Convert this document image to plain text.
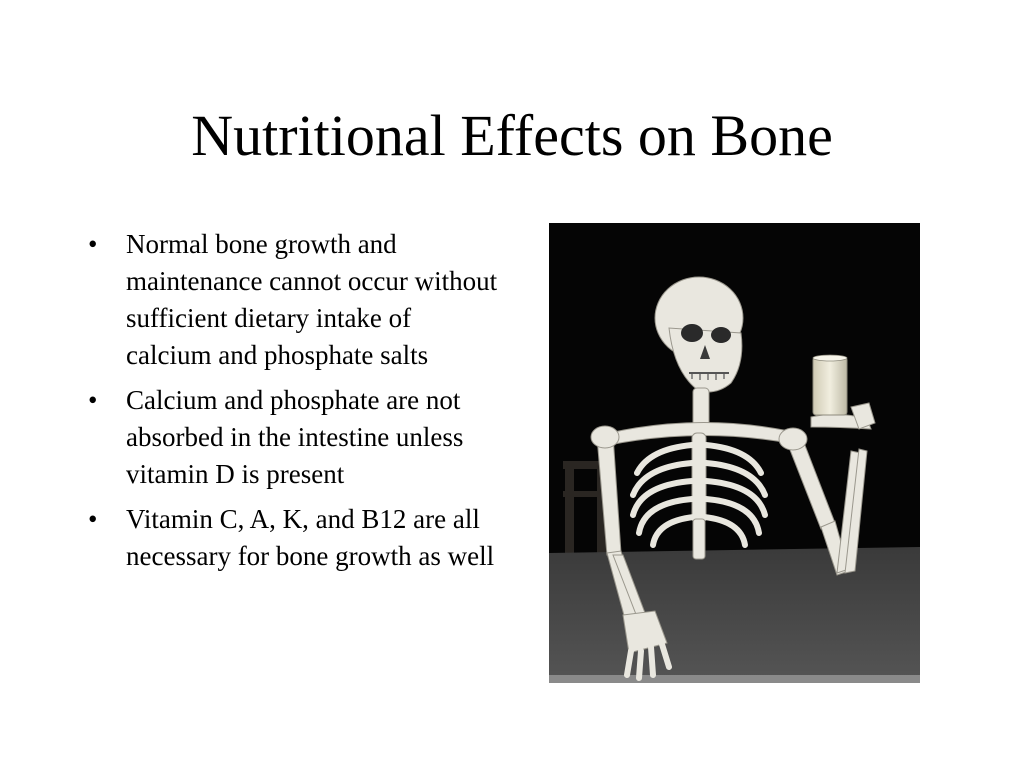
Nutritional Effects on Bone
• Normal bone growth and maintenance cannot occur without sufficient dietary intake of calcium and phosphate salts
• Calcium and phosphate are not absorbed in the intestine unless vitamin D is present
• Vitamin C, A, K, and B12 are all necessary for bone growth as well
